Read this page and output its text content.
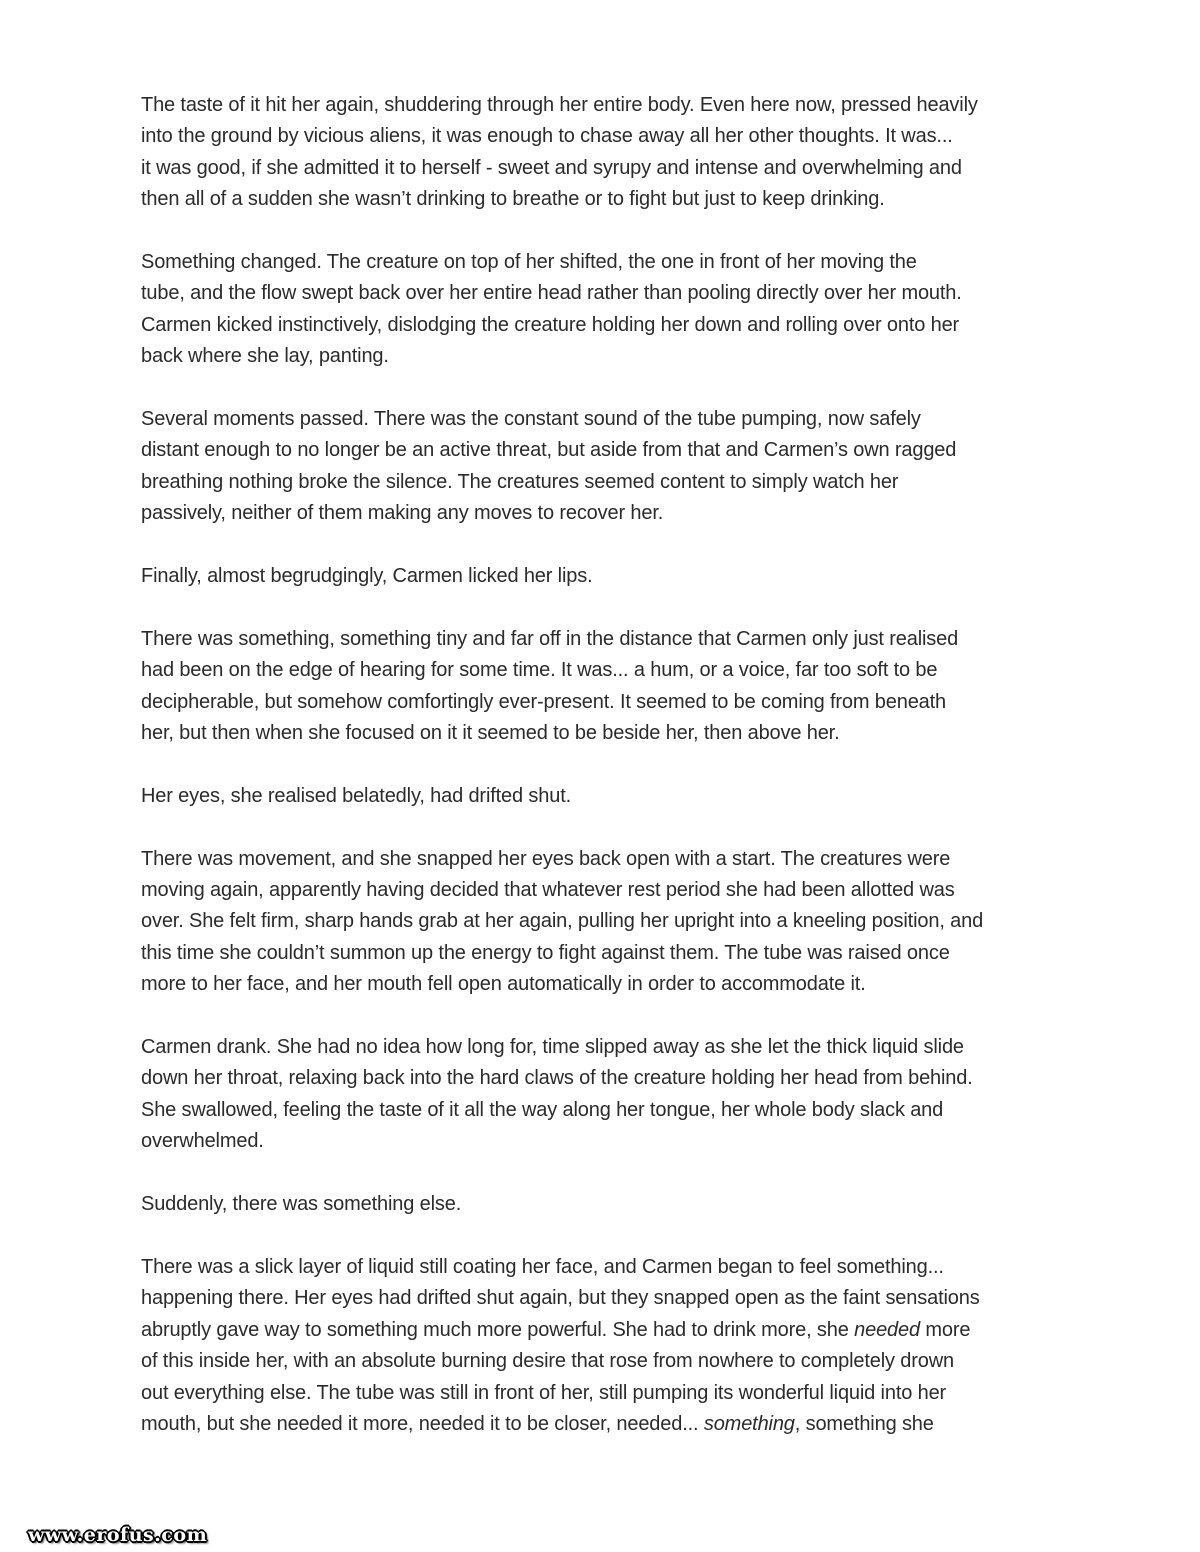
The taste of it hit her again, shuddering through her entire body. Even here now, pressed heavily
into the ground by vicious aliens, it was enough to chase away all her other thoughts. It was...
it was good, if she admitted it to herself - sweet and syrupy and intense and overwhelming and
then all of a sudden she wasn’t drinking to breathe or to fight but just to keep drinking.

Something changed. The creature on top of her shifted, the one in front of her moving the
tube, and the flow swept back over her entire head rather than pooling directly over her mouth.
Carmen kicked instinctively, dislodging the creature holding her down and rolling over onto her
back where she lay, panting.

Several moments passed. There was the constant sound of the tube pumping, now safely
distant enough to no longer be an active threat, but aside from that and Carmen’s own ragged
breathing nothing broke the silence. The creatures seemed content to simply watch her
passively, neither of them making any moves to recover her.

Finally, almost begrudgingly, Carmen licked her lips.

There was something, something tiny and far off in the distance that Carmen only just realised
had been on the edge of hearing for some time. It was... a hum, or a voice, far too soft to be
decipherable, but somehow comfortingly ever-present. It seemed to be coming from beneath
her, but then when she focused on it it seemed to be beside her, then above her.

Her eyes, she realised belatedly, had drifted shut.

There was movement, and she snapped her eyes back open with a start. The creatures were
moving again, apparently having decided that whatever rest period she had been allotted was
over. She felt firm, sharp hands grab at her again, pulling her upright into a kneeling position, and
this time she couldn’t summon up the energy to fight against them. The tube was raised once
more to her face, and her mouth fell open automatically in order to accommodate it.

Carmen drank. She had no idea how long for, time slipped away as she let the thick liquid slide
down her throat, relaxing back into the hard claws of the creature holding her head from behind.
She swallowed, feeling the taste of it all the way along her tongue, her whole body slack and
overwhelmed.

Suddenly, there was something else.

There was a slick layer of liquid still coating her face, and Carmen began to feel something...
happening there. Her eyes had drifted shut again, but they snapped open as the faint sensations
abruptly gave way to something much more powerful. She had to drink more, she needed more
of this inside her, with an absolute burning desire that rose from nowhere to completely drown
out everything else. The tube was still in front of her, still pumping its wonderful liquid into her
mouth, but she needed it more, needed it to be closer, needed... something, something she

www.erofus.com
